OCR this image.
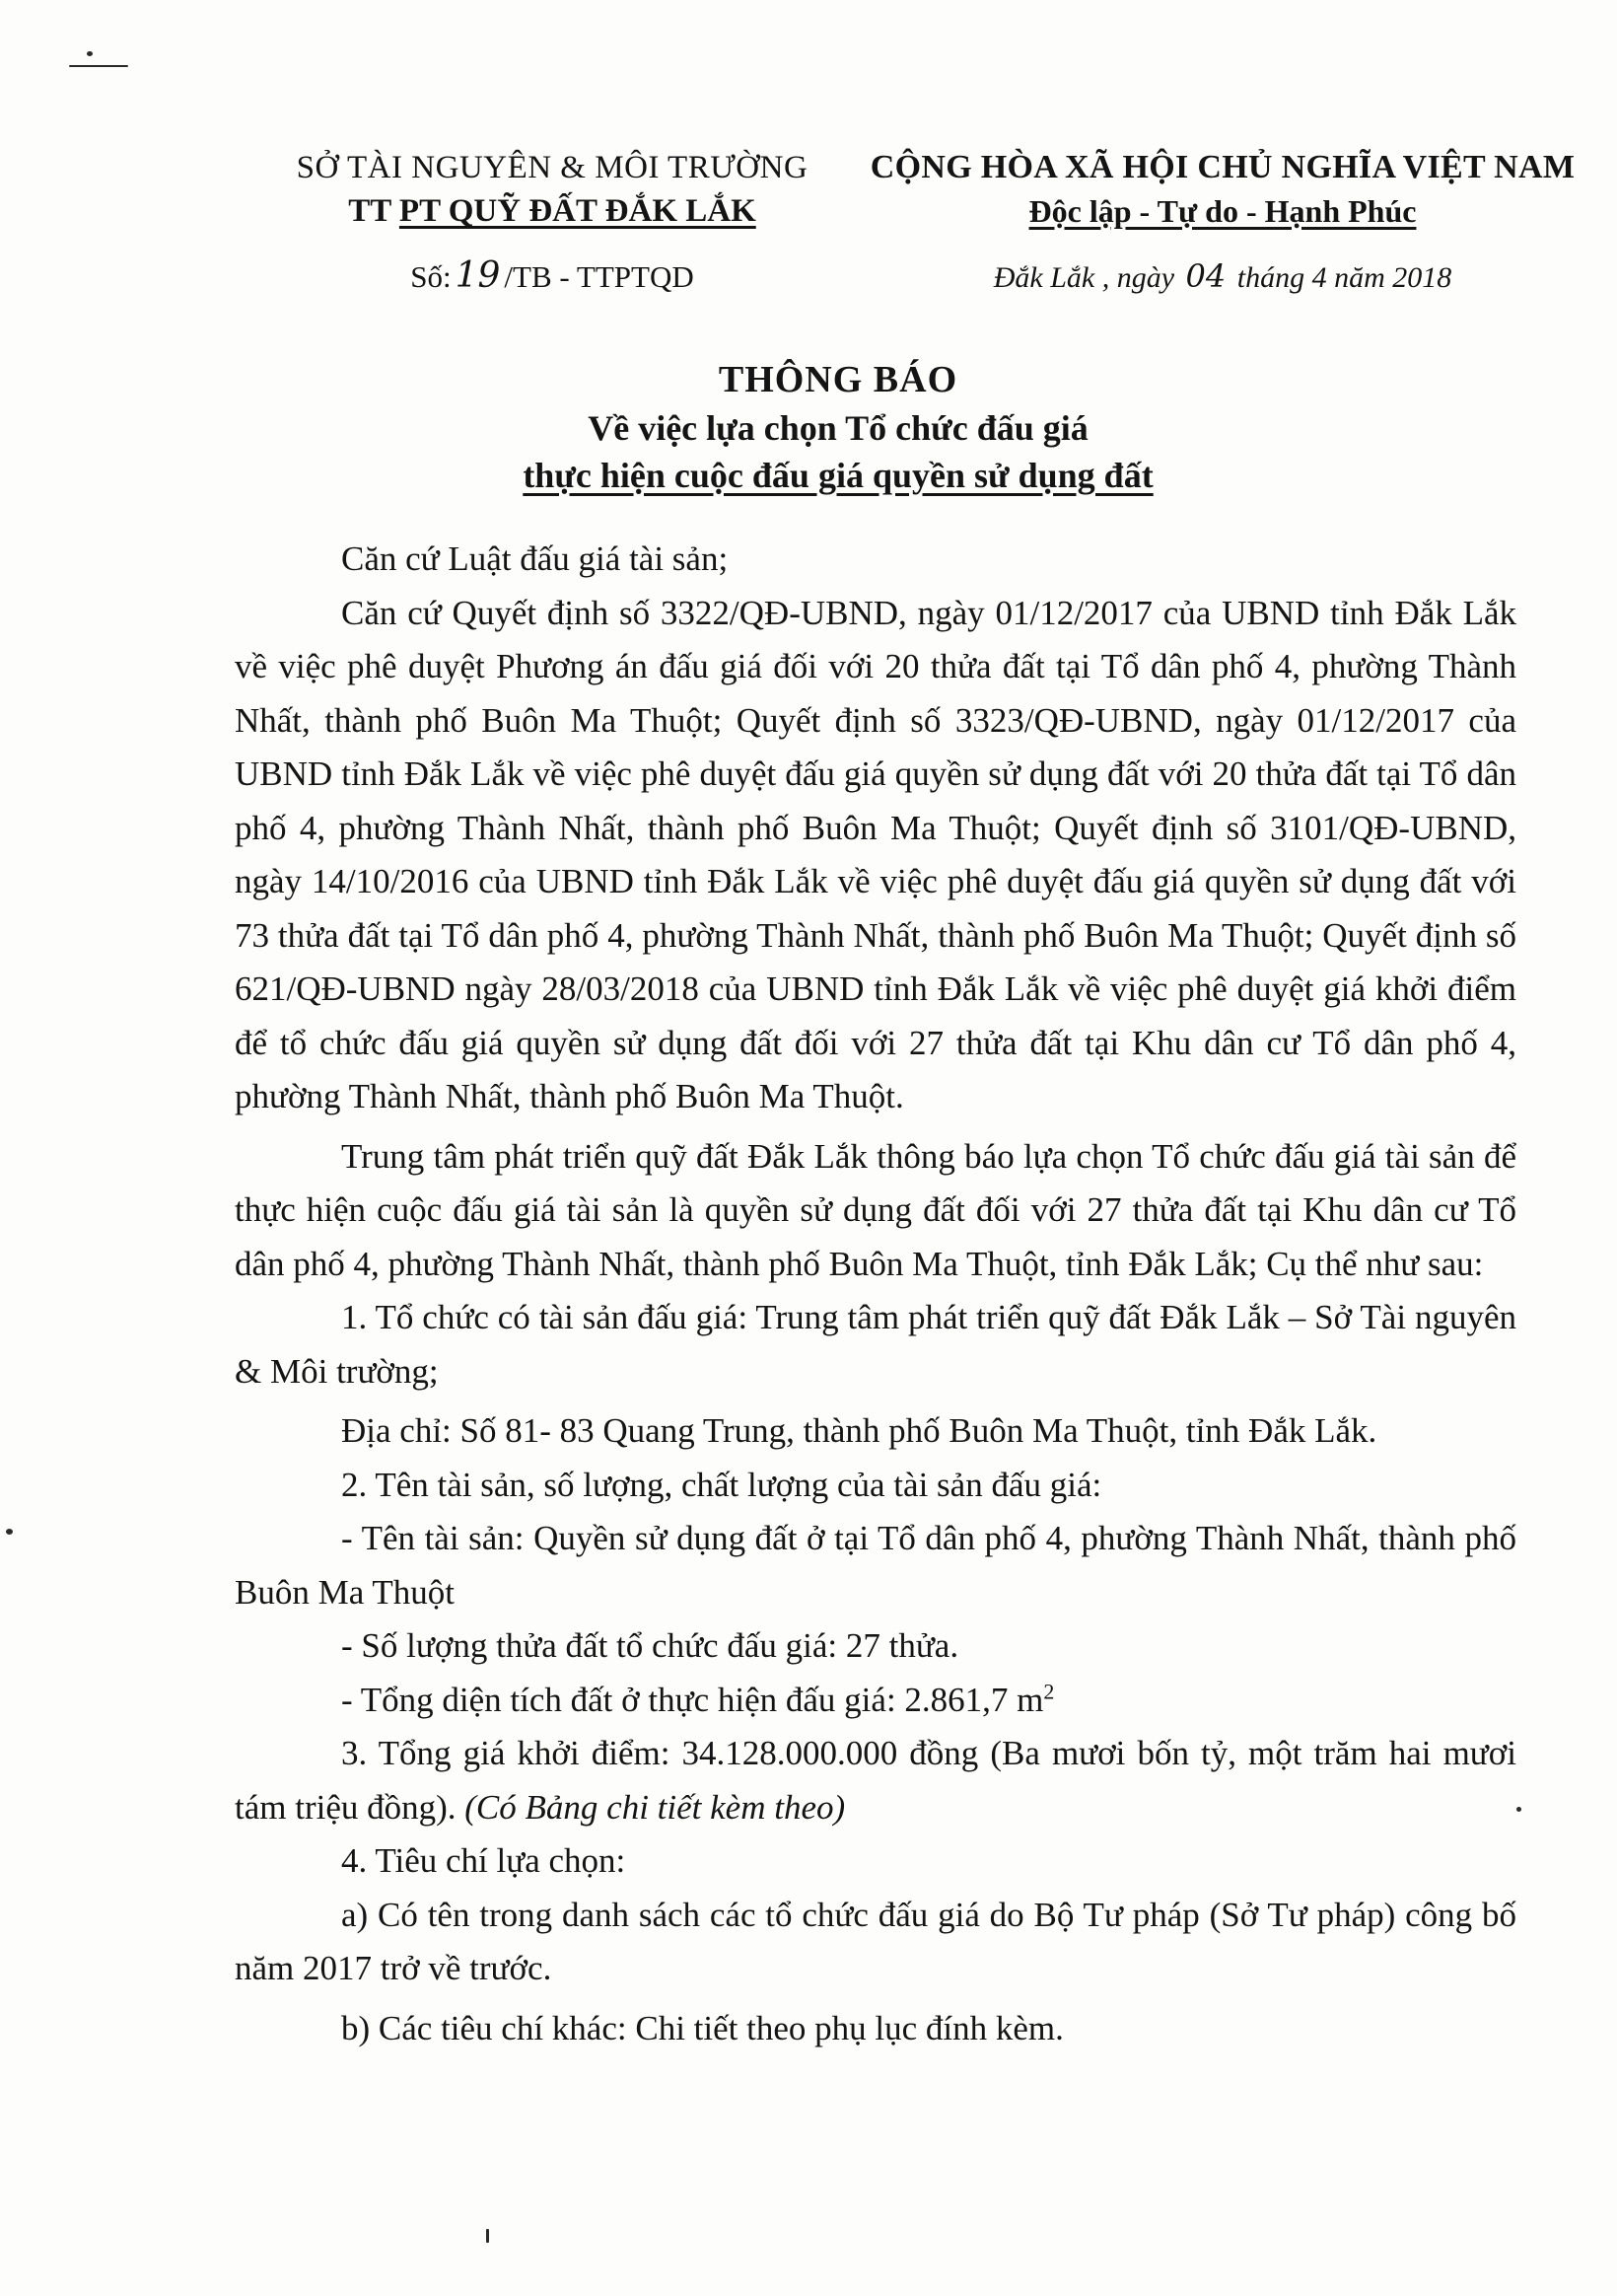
SỞ TÀI NGUYÊN & MÔI TRƯỜNG
TT PT QUỸ ĐẤT ĐẮK LẮK
Số: 19 /TB - TTPTQD
CỘNG HÒA XÃ HỘI CHỦ NGHĨA VIỆT NAM
Độc lập - Tự do - Hạnh Phúc
Đắk Lắk , ngày 04 tháng 4 năm 2018
THÔNG BÁO
Về việc lựa chọn Tổ chức đấu giá
thực hiện cuộc đấu giá quyền sử dụng đất

Căn cứ Luật đấu giá tài sản;

Căn cứ Quyết định số 3322/QĐ-UBND, ngày 01/12/2017 của UBND tỉnh Đắk Lắk về việc phê duyệt Phương án đấu giá đối với 20 thửa đất tại Tổ dân phố 4, phường Thành Nhất, thành phố Buôn Ma Thuột; Quyết định số 3323/QĐ-UBND, ngày 01/12/2017 của UBND tỉnh Đắk Lắk về việc phê duyệt đấu giá quyền sử dụng đất với 20 thửa đất tại Tổ dân phố 4, phường Thành Nhất, thành phố Buôn Ma Thuột; Quyết định số 3101/QĐ-UBND, ngày 14/10/2016 của UBND tỉnh Đắk Lắk về việc phê duyệt đấu giá quyền sử dụng đất với 73 thửa đất tại Tổ dân phố 4, phường Thành Nhất, thành phố Buôn Ma Thuột; Quyết định số 621/QĐ-UBND ngày 28/03/2018 của UBND tỉnh Đắk Lắk về việc phê duyệt giá khởi điểm để tổ chức đấu giá quyền sử dụng đất đối với 27 thửa đất tại Khu dân cư Tổ dân phố 4, phường Thành Nhất, thành phố Buôn Ma Thuột.

Trung tâm phát triển quỹ đất Đắk Lắk thông báo lựa chọn Tổ chức đấu giá tài sản để thực hiện cuộc đấu giá tài sản là quyền sử dụng đất đối với 27 thửa đất tại Khu dân cư Tổ dân phố 4, phường Thành Nhất, thành phố Buôn Ma Thuột, tỉnh Đắk Lắk; Cụ thể như sau:

1. Tổ chức có tài sản đấu giá: Trung tâm phát triển quỹ đất Đắk Lắk – Sở Tài nguyên & Môi trường;

Địa chỉ: Số 81- 83 Quang Trung, thành phố Buôn Ma Thuột, tỉnh Đắk Lắk.

2. Tên tài sản, số lượng, chất lượng của tài sản đấu giá:

- Tên tài sản: Quyền sử dụng đất ở tại Tổ dân phố 4, phường Thành Nhất, thành phố Buôn Ma Thuột

- Số lượng thửa đất tổ chức đấu giá: 27 thửa.

- Tổng diện tích đất ở thực hiện đấu giá: 2.861,7 $m^2$

3. Tổng giá khởi điểm: 34.128.000.000 đồng (Ba mươi bốn tỷ, một trăm hai mươi tám triệu đồng). (Có Bảng chi tiết kèm theo)

4. Tiêu chí lựa chọn:

a) Có tên trong danh sách các tổ chức đấu giá do Bộ Tư pháp (Sở Tư pháp) công bố năm 2017 trở về trước.

b) Các tiêu chí khác: Chi tiết theo phụ lục đính kèm.
